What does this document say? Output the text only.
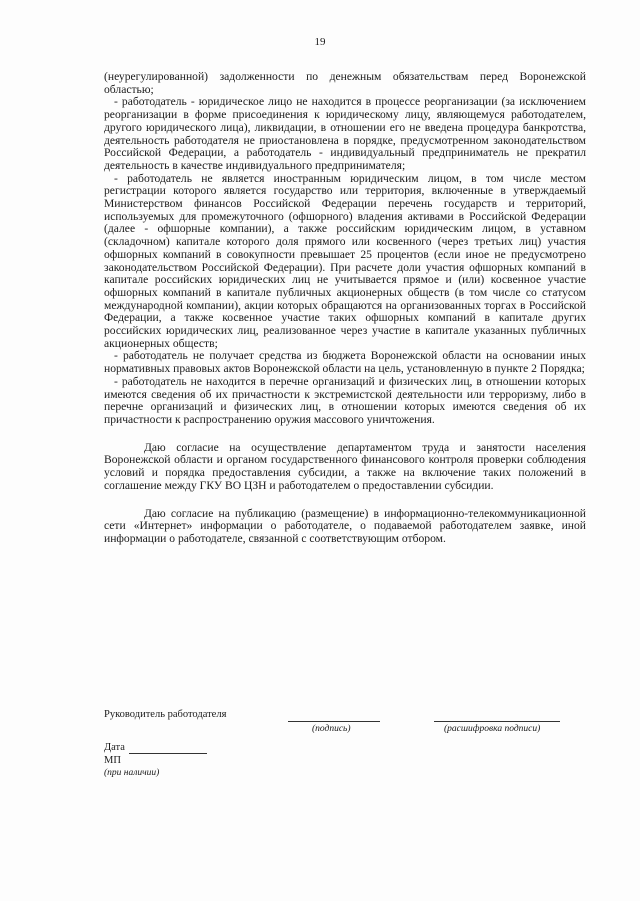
19

(неурегулированной) задолженности по денежным обязательствам перед Воронежской областью;

- работодатель - юридическое лицо не находится в процессе реорганизации (за исключением реорганизации в форме присоединения к юридическому лицу, являющемуся работодателем, другого юридического лица), ликвидации, в отношении его не введена процедура банкротства, деятельность работодателя не приостановлена в порядке, предусмотренном законодательством Российской Федерации, а работодатель - индивидуальный предприниматель не прекратил деятельность в качестве индивидуального предпринимателя;

- работодатель не является иностранным юридическим лицом, в том числе местом регистрации которого является государство или территория, включенные в утверждаемый Министерством финансов Российской Федерации перечень государств и территорий, используемых для промежуточного (офшорного) владения активами в Российской Федерации (далее - офшорные компании), а также российским юридическим лицом, в уставном (складочном) капитале которого доля прямого или косвенного (через третьих лиц) участия офшорных компаний в совокупности превышает 25 процентов (если иное не предусмотрено законодательством Российской Федерации). При расчете доли участия офшорных компаний в капитале российских юридических лиц не учитывается прямое и (или) косвенное участие офшорных компаний в капитале публичных акционерных обществ (в том числе со статусом международной компании), акции которых обращаются на организованных торгах в Российской Федерации, а также косвенное участие таких офшорных компаний в капитале других российских юридических лиц, реализованное через участие в капитале указанных публичных акционерных обществ;

- работодатель не получает средства из бюджета Воронежской области на основании иных нормативных правовых актов Воронежской области на цель, установленную в пункте 2 Порядка;

- работодатель не находится в перечне организаций и физических лиц, в отношении которых имеются сведения об их причастности к экстремистской деятельности или терроризму, либо в перечне организаций и физических лиц, в отношении которых имеются сведения об их причастности к распространению оружия массового уничтожения.

Даю согласие на осуществление департаментом труда и занятости населения Воронежской области и органом государственного финансового контроля проверки соблюдения условий и порядка предоставления субсидии, а также на включение таких положений в соглашение между ГКУ ВО ЦЗН и работодателем о предоставлении субсидии.

Даю согласие на публикацию (размещение) в информационно-телекоммуникационной сети «Интернет» информации о работодателе, о подаваемой работодателем заявке, иной информации о работодателе, связанной с соответствующим отбором.

Руководитель работодателя
(подпись)	(расшифровка подписи)
Дата
МП
(при наличии)
